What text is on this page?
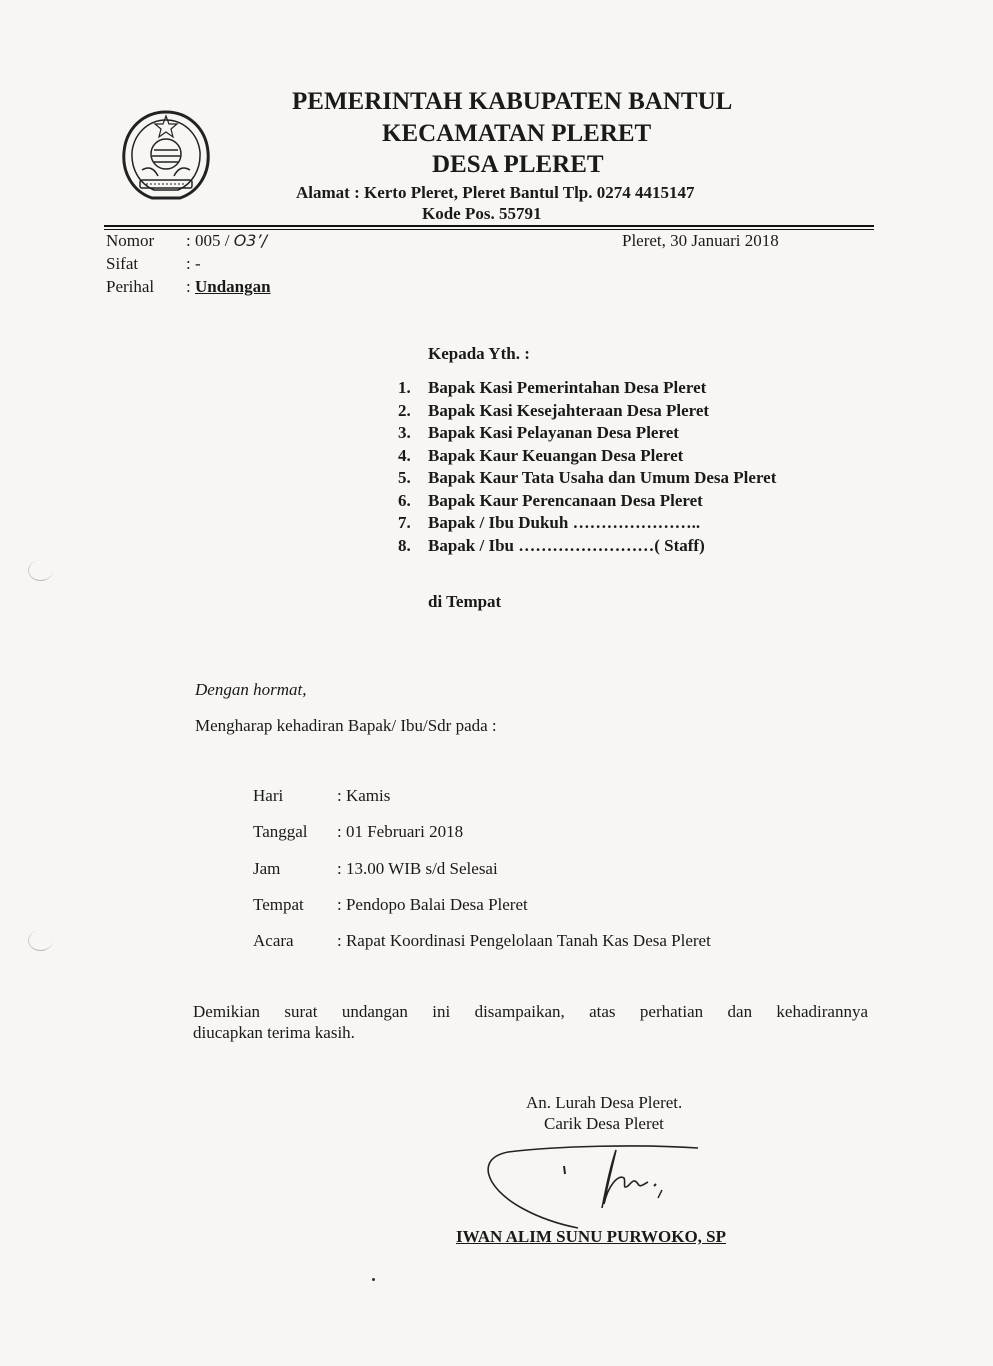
PEMERINTAH KABUPATEN BANTUL
KECAMATAN PLERET
DESA PLERET
Alamat : Kerto Pleret, Pleret Bantul Tlp. 0274 4415147
Kode Pos. 55791
Nomor : 005 / O3’/	Pleret, 30 Januari 2018
Sifat	: -
Perihal : Undangan
Kepada Yth. :
1. Bapak Kasi Pemerintahan Desa Pleret
2. Bapak Kasi Kesejahteraan Desa Pleret
3. Bapak Kasi Pelayanan Desa Pleret
4. Bapak Kaur Keuangan Desa Pleret
5. Bapak Kaur Tata Usaha dan Umum Desa Pleret
6. Bapak Kaur Perencanaan Desa Pleret
7. Bapak / Ibu Dukuh …………………..
8. Bapak / Ibu ……………………( Staff)
di Tempat
Dengan hormat,
Mengharap kehadiran Bapak/ Ibu/Sdr pada :
Hari	: Kamis
Tanggal : 01 Februari 2018
Jam	: 13.00 WIB s/d Selesai
Tempat : Pendopo Balai Desa Pleret
Acara	: Rapat Koordinasi Pengelolaan Tanah Kas Desa Pleret
Demikian surat undangan ini disampaikan, atas perhatian dan kehadirannya
diucapkan terima kasih.
An. Lurah Desa Pleret.
Carik Desa Pleret
IWAN ALIM SUNU PURWOKO, SP
